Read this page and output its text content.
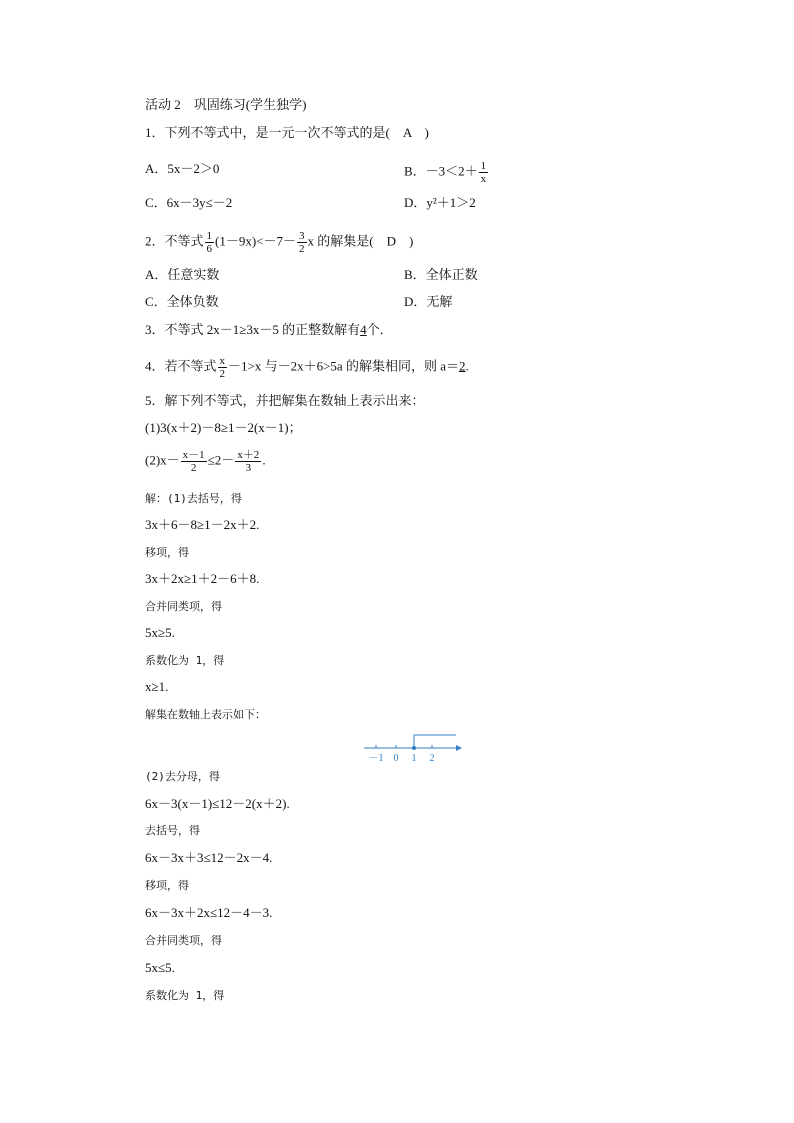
活动 2　巩固练习(学生独学)
1．下列不等式中，是一元一次不等式的是(　A　)
A．5x－2＞0	B．$-3<2+ \frac{1}{x}$
C．6x－3y≤－2	D．y²＋1＞2
2．不等式 $\frac{1}{6} (1-9x)<-7- \frac{3}{2}$ x 的解集是(　D　)
A．任意实数	B．全体正数
C．全体负数	D．无解
3．不等式 2x－1≥3x－5 的正整数解有4个．
4．若不等式 $\frac{x}{2} -1>x$ 与－2x＋6>5a 的解集相同，则 a＝2.
5．解下列不等式，并把解集在数轴上表示出来：
(1)3(x＋2)－8≥1－2(x－1)；
$(2)x- \frac{x-1}{2} \le 2- \frac{x+2}{3}$ .
解：(1)去括号，得
3x＋6－8≥1－2x＋2.
移项，得
3x＋2x≥1＋2－6＋8.
合并同类项，得
5x≥5.
系数化为 1，得
x≥1.
解集在数轴上表示如下：
－1 0 1 2
(2)去分母，得
6x－3(x－1)≤12－2(x＋2).
去括号，得
6x－3x＋3≤12－2x－4.
移项，得
6x－3x＋2x≤12－4－3.
合并同类项，得
5x≤5.
系数化为 1，得
